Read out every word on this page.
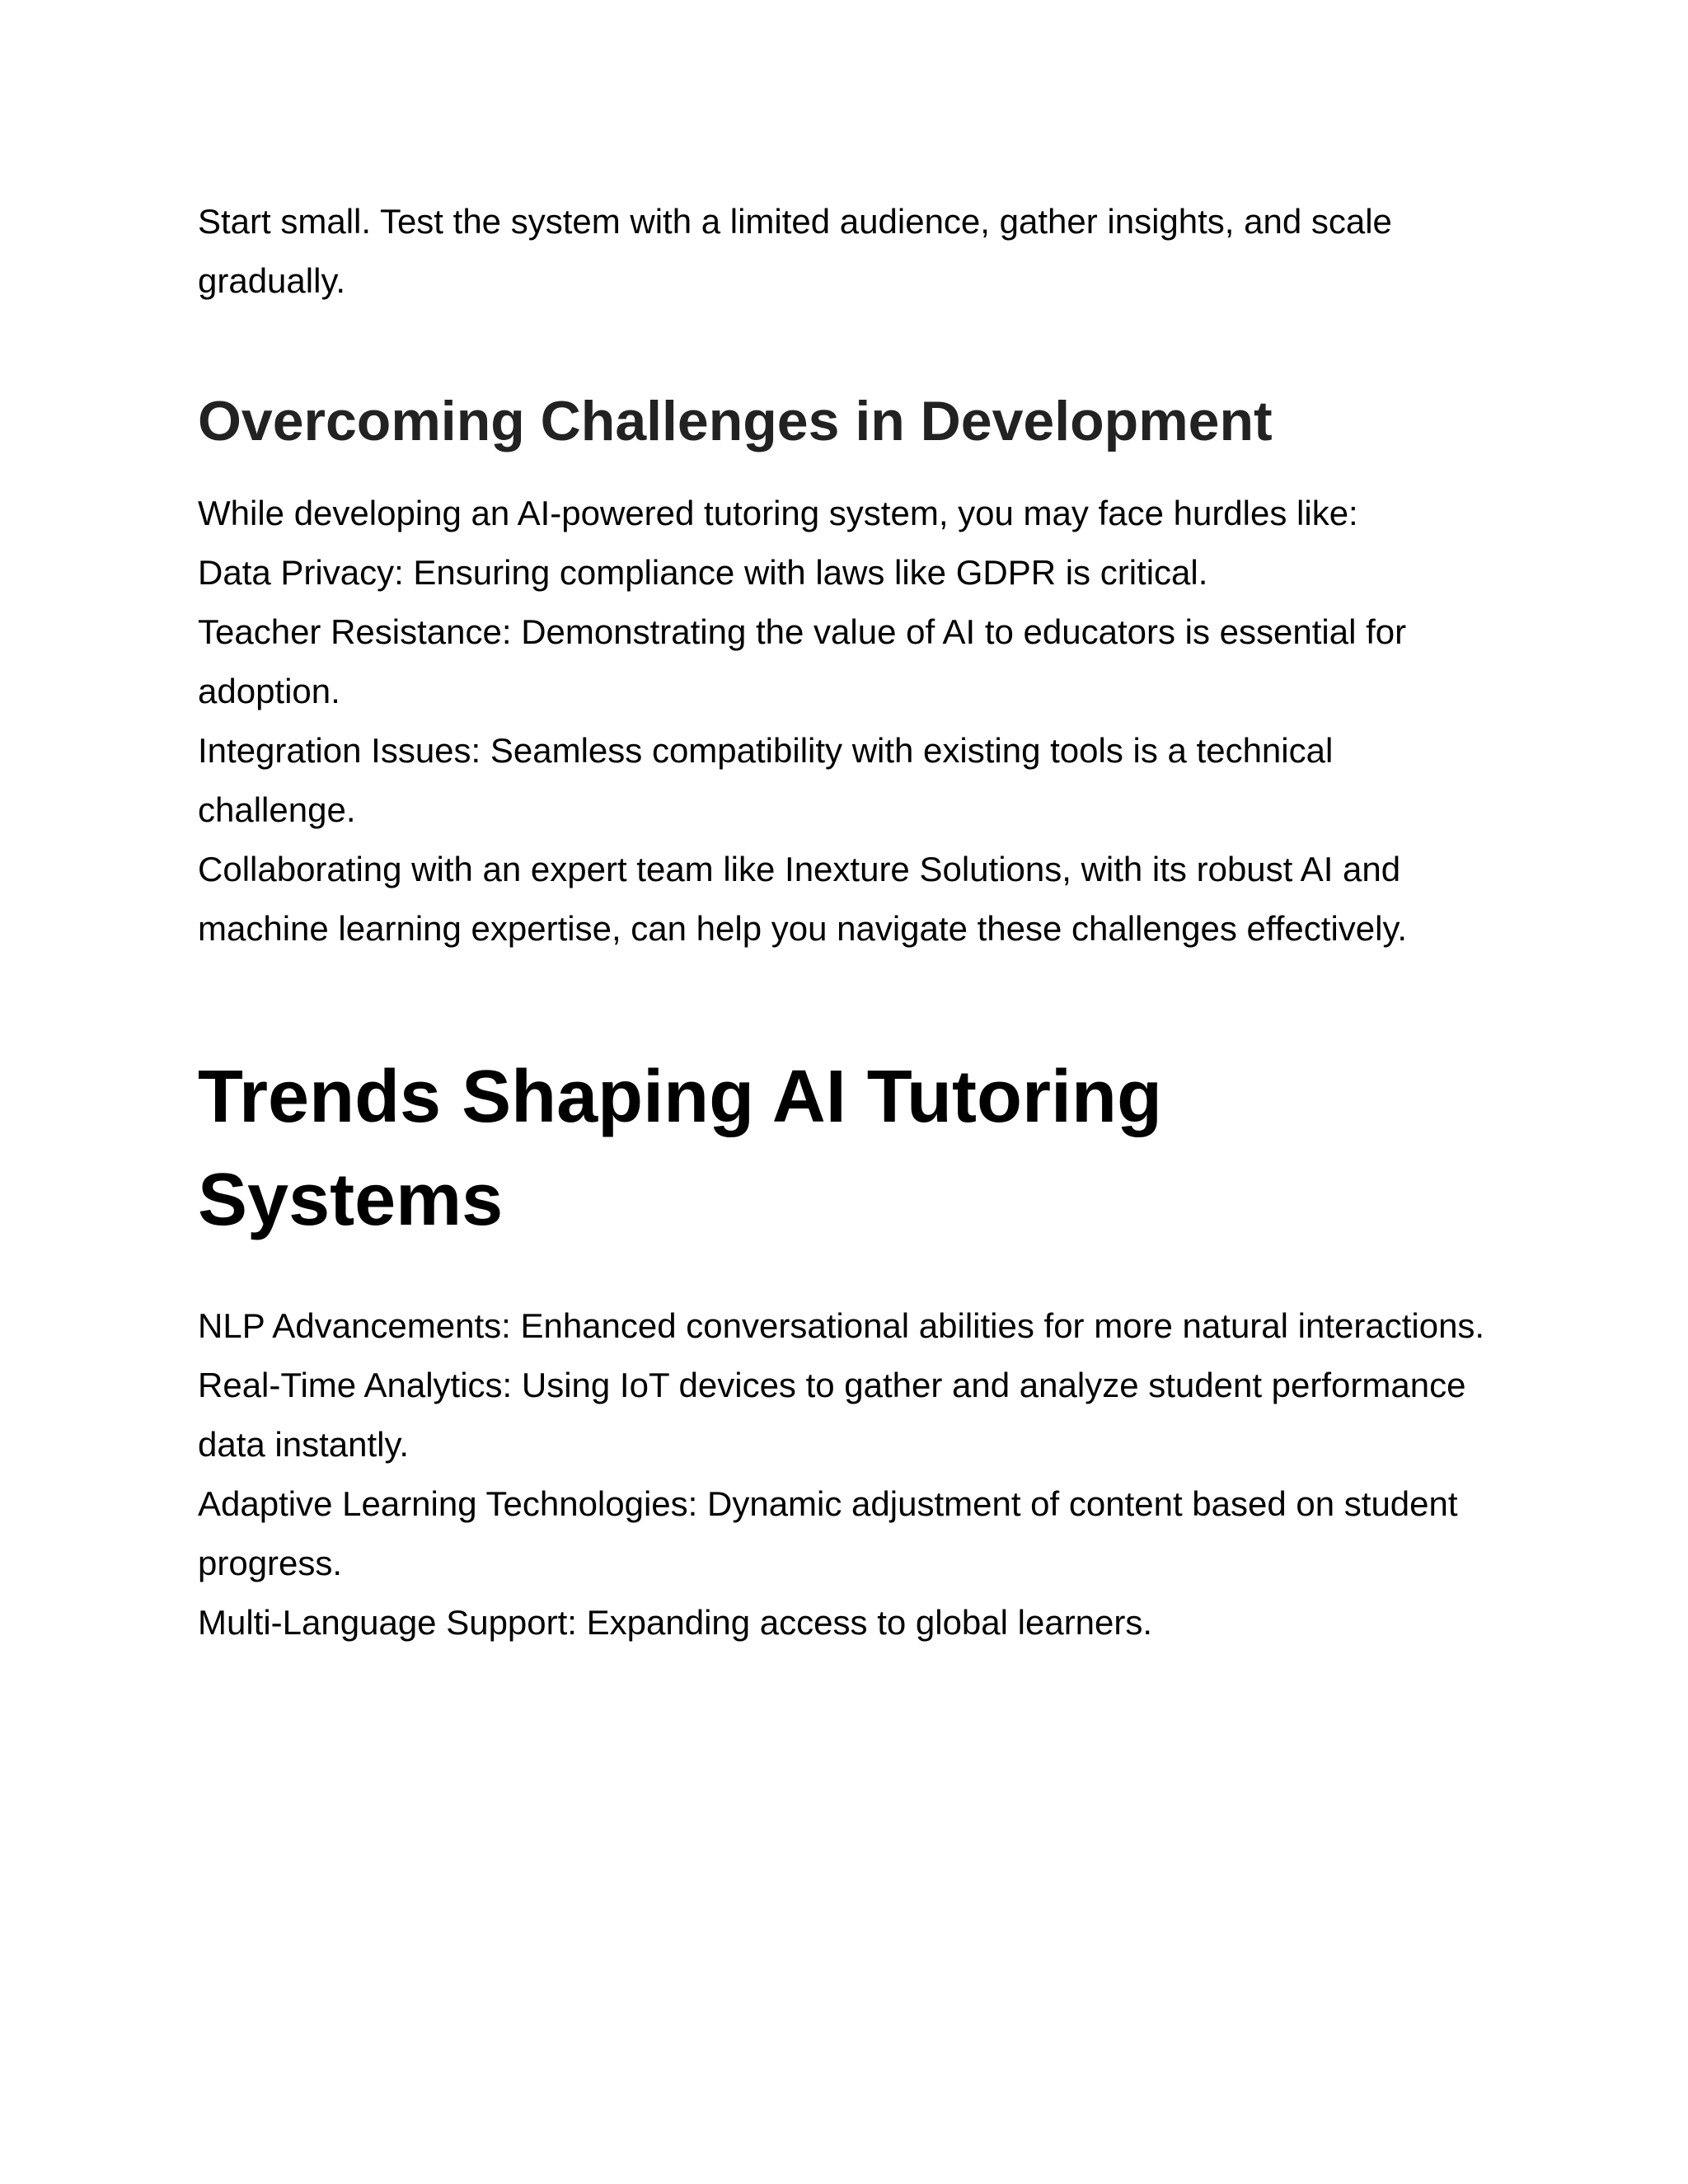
Start small. Test the system with a limited audience, gather insights, and scale gradually.

Overcoming Challenges in Development
While developing an AI-powered tutoring system, you may face hurdles like:
Data Privacy: Ensuring compliance with laws like GDPR is critical.
Teacher Resistance: Demonstrating the value of AI to educators is essential for adoption.
Integration Issues: Seamless compatibility with existing tools is a technical challenge.
Collaborating with an expert team like Inexture Solutions, with its robust AI and machine learning expertise, can help you navigate these challenges effectively.
Trends Shaping AI Tutoring Systems
NLP Advancements: Enhanced conversational abilities for more natural interactions.
Real-Time Analytics: Using IoT devices to gather and analyze student performance data instantly.
Adaptive Learning Technologies: Dynamic adjustment of content based on student progress.
Multi-Language Support: Expanding access to global learners.
